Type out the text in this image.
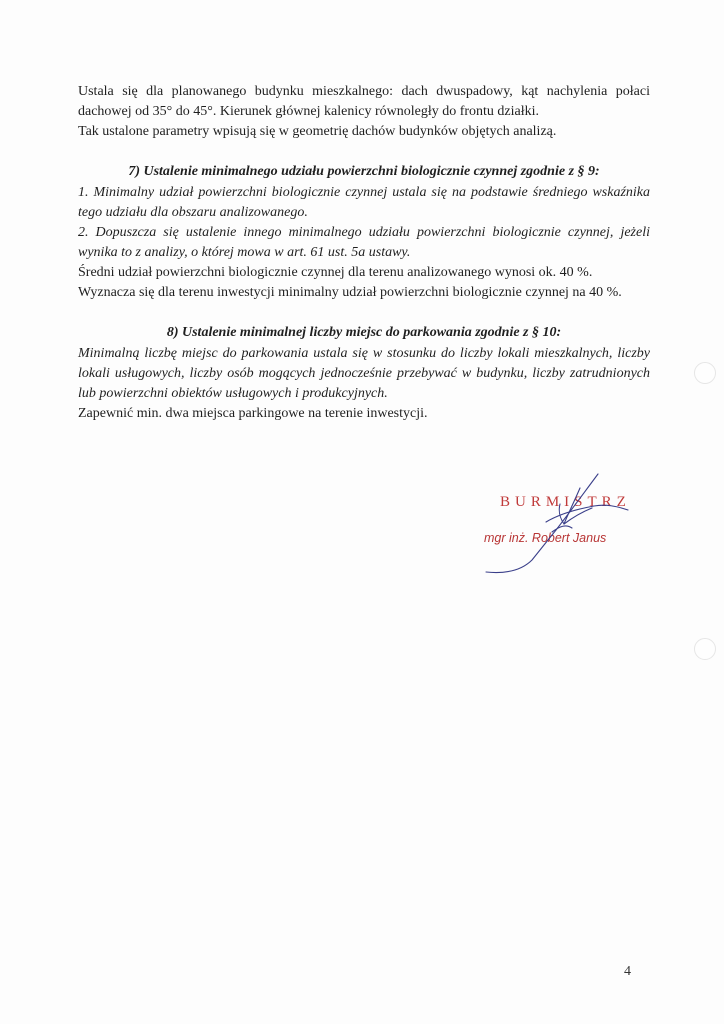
Ustala się dla planowanego budynku mieszkalnego: dach dwuspadowy, kąt nachylenia połaci dachowej od 35° do 45°. Kierunek głównej kalenicy równoległy do frontu działki.

Tak ustalone parametry wpisują się w geometrię dachów budynków objętych analizą.

7) Ustalenie minimalnego udziału powierzchni biologicznie czynnej zgodnie z § 9:

1. Minimalny udział powierzchni biologicznie czynnej ustala się na podstawie średniego wskaźnika tego udziału dla obszaru analizowanego.

2. Dopuszcza się ustalenie innego minimalnego udziału powierzchni biologicznie czynnej, jeżeli wynika to z analizy, o której mowa w art. 61 ust. 5a ustawy.

Średni udział powierzchni biologicznie czynnej dla terenu analizowanego wynosi ok. 40 %.

Wyznacza się dla terenu inwestycji minimalny udział powierzchni biologicznie czynnej na 40 %.

8) Ustalenie minimalnej liczby miejsc do parkowania zgodnie z § 10:

Minimalną liczbę miejsc do parkowania ustala się w stosunku do liczby lokali mieszkalnych, liczby lokali usługowych, liczby osób mogących jednocześnie przebywać w budynku, liczby zatrudnionych lub powierzchni obiektów usługowych i produkcyjnych.

Zapewnić min. dwa miejsca parkingowe na terenie inwestycji.

BURMISTRZ
mgr inż. Robert Janus
4
